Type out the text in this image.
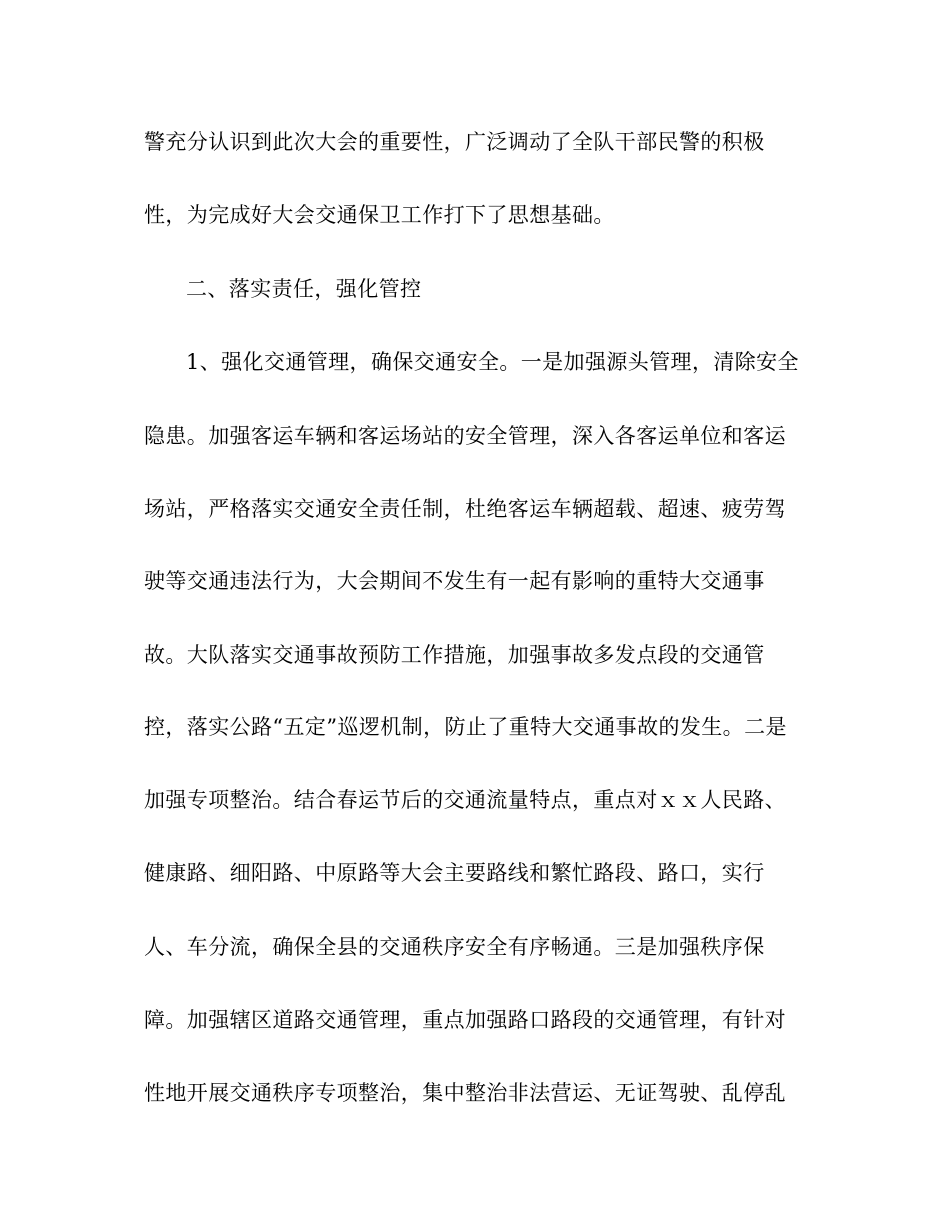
警充分认识到此次大会的重要性，广泛调动了全队干部民警的积极
性，为完成好大会交通保卫工作打下了思想基础。
二、落实责任，强化管控
1、强化交通管理，确保交通安全。一是加强源头管理，清除安全
隐患。加强客运车辆和客运场站的安全管理，深入各客运单位和客运
场站，严格落实交通安全责任制，杜绝客运车辆超载、超速、疲劳驾
驶等交通违法行为，大会期间不发生有一起有影响的重特大交通事
故。大队落实交通事故预防工作措施，加强事故多发点段的交通管
控，落实公路“五定”巡逻机制，防止了重特大交通事故的发生。二是
加强专项整治。结合春运节后的交通流量特点，重点对ｘｘ人民路、
健康路、细阳路、中原路等大会主要路线和繁忙路段、路口，实行
人、车分流，确保全县的交通秩序安全有序畅通。三是加强秩序保
障。加强辖区道路交通管理，重点加强路口路段的交通管理，有针对
性地开展交通秩序专项整治，集中整治非法营运、无证驾驶、乱停乱
